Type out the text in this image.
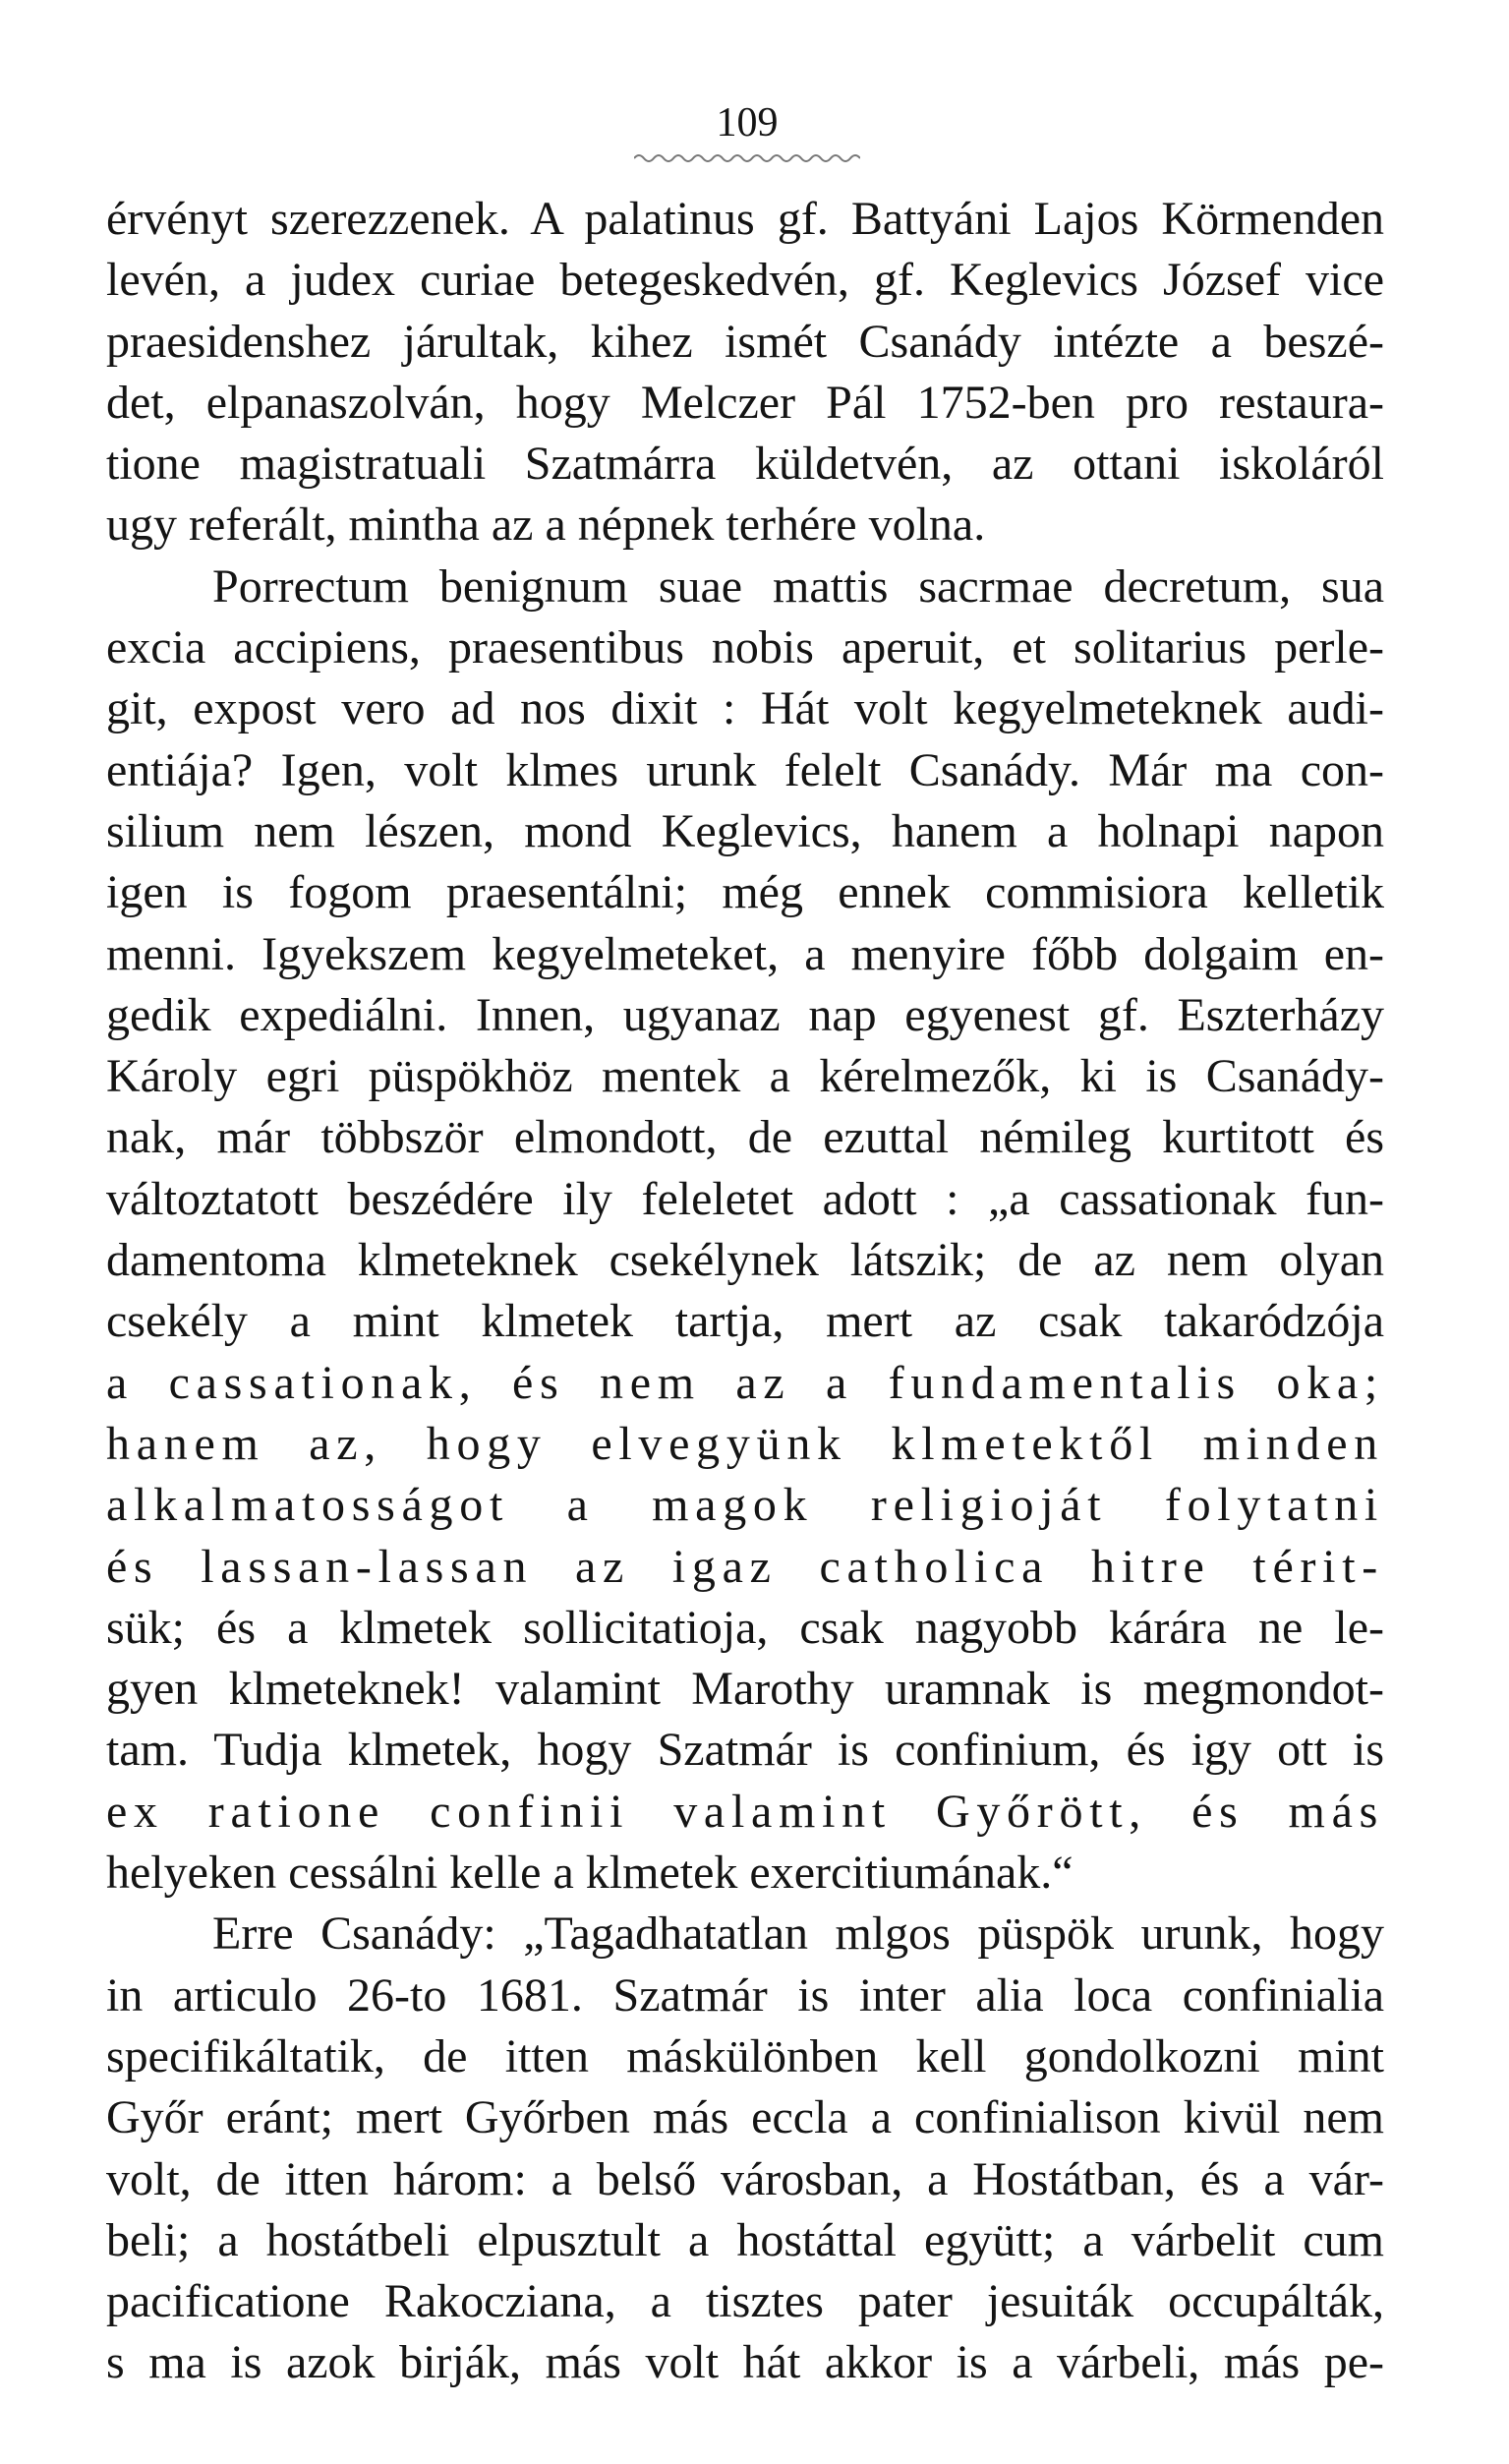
109
érvényt szerezzenek. A palatinus gf. Battyáni Lajos Körmenden
levén, a judex curiae betegeskedvén, gf. Keglevics József vice
praesidenshez járultak, kihez ismét Csanády intézte a beszé-
det, elpanaszolván, hogy Melczer Pál 1752-ben pro restaura-
tione magistratuali Szatmárra küldetvén, az ottani iskoláról
ugy referált, mintha az a népnek terhére volna.
Porrectum benignum suae mattis sacrmae decretum, sua
excia accipiens, praesentibus nobis aperuit, et solitarius perle-
git, expost vero ad nos dixit : Hát volt kegyelmeteknek audi-
entiája? Igen, volt klmes urunk felelt Csanády. Már ma con-
silium nem lészen, mond Keglevics, hanem a holnapi napon
igen is fogom praesentálni; még ennek commisiora kelletik
menni. Igyekszem kegyelmeteket, a menyire főbb dolgaim en-
gedik expediálni. Innen, ugyanaz nap egyenest gf. Eszterházy
Károly egri püspökhöz mentek a kérelmezők, ki is Csanády-
nak, már többször elmondott, de ezuttal némileg kurtitott és
változtatott beszédére ily feleletet adott : „a cassationak fun-
damentoma klmeteknek csekélynek látszik; de az nem olyan
csekély a mint klmetek tartja, mert az csak takaródzója
a cassationak, és nem az a fundamentalis oka;
hanem az, hogy elvegyünk klmetektől minden
alkalmatosságot a magok religioját folytatni
és lassan-lassan az igaz catholica hitre térit-
sük; és a klmetek sollicitatioja, csak nagyobb kárára ne le-
gyen klmeteknek! valamint Marothy uramnak is megmondot-
tam. Tudja klmetek, hogy Szatmár is confinium, és igy ott is
ex ratione confinii valamint Győrött, és más
helyeken cessálni kelle a klmetek exercitiumának.“
Erre Csanády: „Tagadhatatlan mlgos püspök urunk, hogy
in articulo 26-to 1681. Szatmár is inter alia loca confinialia
specifikáltatik, de itten máskülönben kell gondolkozni mint
Győr eránt; mert Győrben más eccla a confinialison kivül nem
volt, de itten három: a belső városban, a Hostátban, és a vár-
beli; a hostátbeli elpusztult a hostáttal együtt; a várbelit cum
pacificatione Rakocziana, a tisztes pater jesuiták occupálták,
s ma is azok birják, más volt hát akkor is a várbeli, más pe-
